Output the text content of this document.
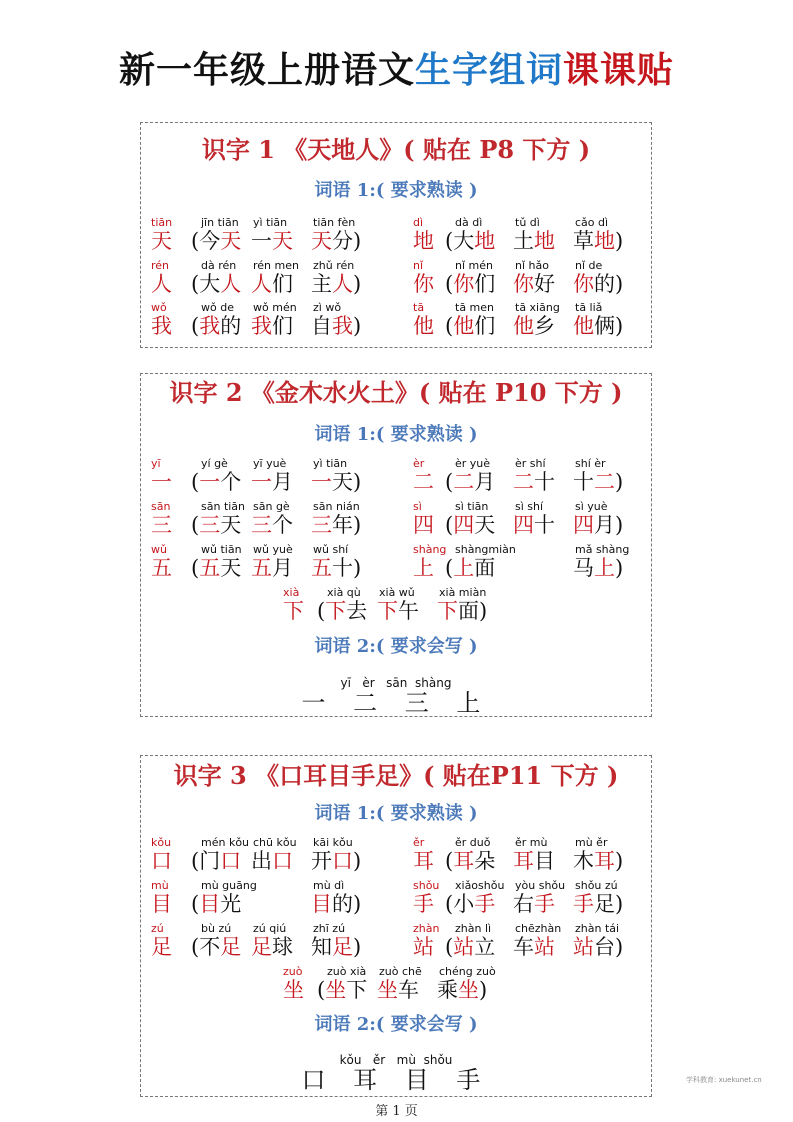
新一年级上册语文生字组词课课贴
识字 1 《天地人》( 贴在 P8 下方 )
词语 1:( 要求熟读 )
tiān
天
jīn tiān
(今天
yì tiān
一天
tiān fèn
天分)
dì
地
dà dì
(大地
tǔ dì
土地
cǎo dì
草地)
rén
人
dà rén
(大人
rén men
人们
zhǔ rén
主人)
nǐ
你
nǐ mén
(你们
nǐ hǎo
你好
nǐ de
你的)
wǒ
我
wǒ de
(我的
wǒ mén
我们
zì wǒ
自我)
tā
他
tā men
(他们
tā xiāng
他乡
tā liǎ
他俩)
识字 2 《金木水火土》( 贴在 P10 下方 )
词语 1:( 要求熟读 )
词语 2:( 要求会写 )
yī   èr   sān  shàng
一 二 三 上
yī
一
yí gè
(一个
yī yuè
一月
yì tiān
一天)
èr
二
èr yuè
(二月
èr shí
二十
shí èr
十二)
sān
三
sān tiān
(三天
sān gè
三个
sān nián
三年)
sì
四
sì tiān
(四天
sì shí
四十
sì yuè
四月)
wǔ
五
wǔ tiān
(五天
wǔ yuè
五月
wǔ shí
五十)
shàng
上
shàngmiàn
(上面
mǎ shàng
马上)
xià
下
xià qù
(下去
xià wǔ
下午
xià miàn
下面)
识字 3 《口耳目手足》( 贴在P11 下方 )
词语 1:( 要求熟读 )
词语 2:( 要求会写 )
kǒu   ěr   mù  shǒu
口 耳 目 手
kǒu
口
mén kǒu
(门口
chū kǒu
出口
kāi kǒu
开口)
ěr
耳
ěr duǒ
(耳朵
ěr mù
耳目
mù ěr
木耳)
mù
目
mù guāng
(目光
mù dì
目的)
shǒu
手
xiǎoshǒu
(小手
yòu shǒu
右手
shǒu zú
手足)
zú
足
bù zú
(不足
zú qiú
足球
zhī zú
知足)
zhàn
站
zhàn lì
(站立
chēzhàn
车站
zhàn tái
站台)
zuò
坐
zuò xià
(坐下
zuò chē
坐车
chéng zuò
乘坐)
第 1 页
学科教育: xuekunet.cn
